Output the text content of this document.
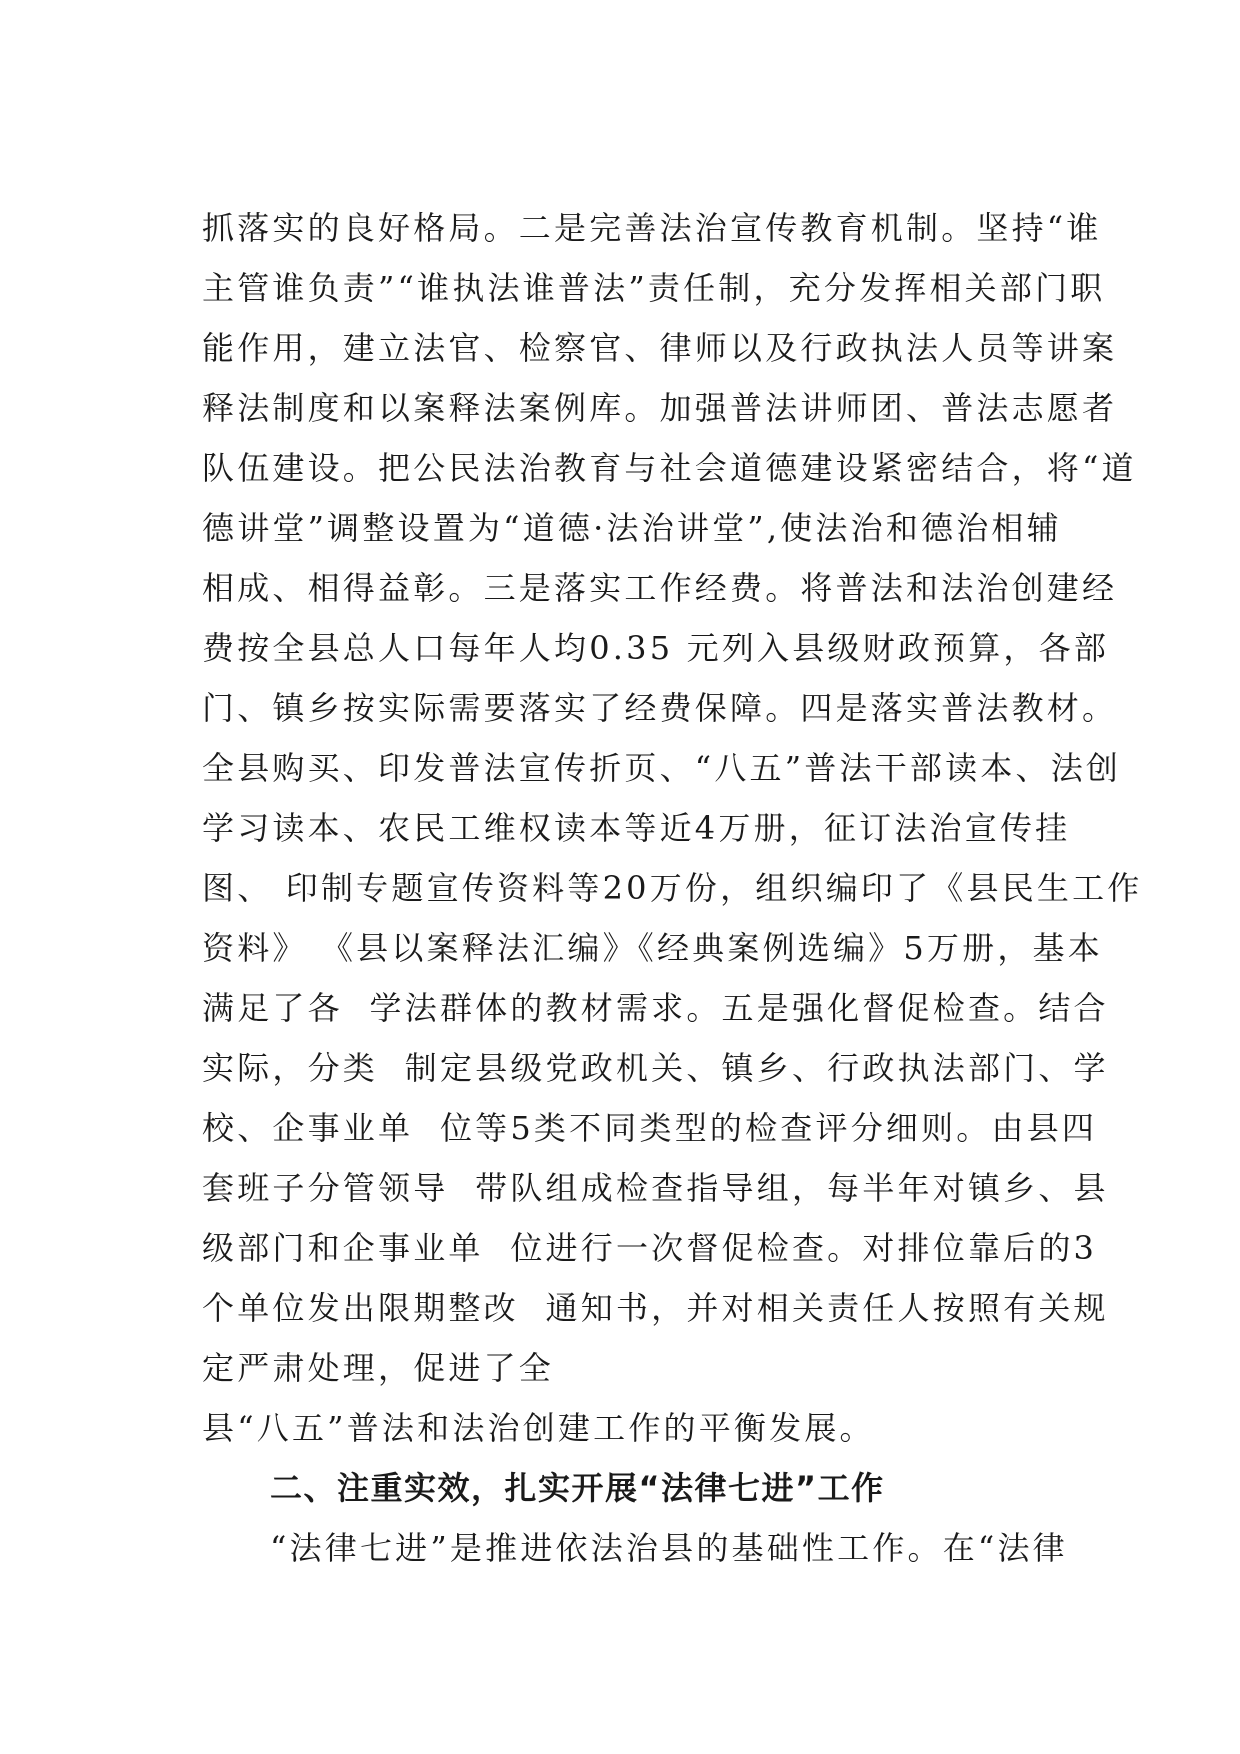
抓落实的良好格局。二是完善法治宣传教育机制。坚持“谁
主管谁负责”“谁执法谁普法”责任制，充分发挥相关部门职
能作用，建立法官、检察官、律师以及行政执法人员等讲案
释法制度和以案释法案例库。加强普法讲师团、普法志愿者
队伍建设。把公民法治教育与社会道德建设紧密结合，将“道
德讲堂”调整设置为“道德·法治讲堂”,使法治和德治相辅
相成、相得益彰。三是落实工作经费。将普法和法治创建经
费按全县总人口每年人均0.35 元列入县级财政预算，各部
门、镇乡按实际需要落实了经费保障。四是落实普法教材。
全县购买、印发普法宣传折页、“八五”普法干部读本、法创
学习读本、农民工维权读本等近4万册，征订法治宣传挂
图、 印制专题宣传资料等20万份，组织编印了《县民生工作
资料》 《县以案释法汇编》《经典案例选编》5万册，基本
满足了各  学法群体的教材需求。五是强化督促检查。结合
实际，分类  制定县级党政机关、镇乡、行政执法部门、学
校、企事业单  位等5类不同类型的检查评分细则。由县四
套班子分管领导  带队组成检查指导组，每半年对镇乡、县
级部门和企事业单  位进行一次督促检查。对排位靠后的3
个单位发出限期整改  通知书，并对相关责任人按照有关规
定严肃处理，促进了全
县“八五”普法和法治创建工作的平衡发展。
二、注重实效，扎实开展“法律七进”工作
“法律七进”是推进依法治县的基础性工作。在“法律
